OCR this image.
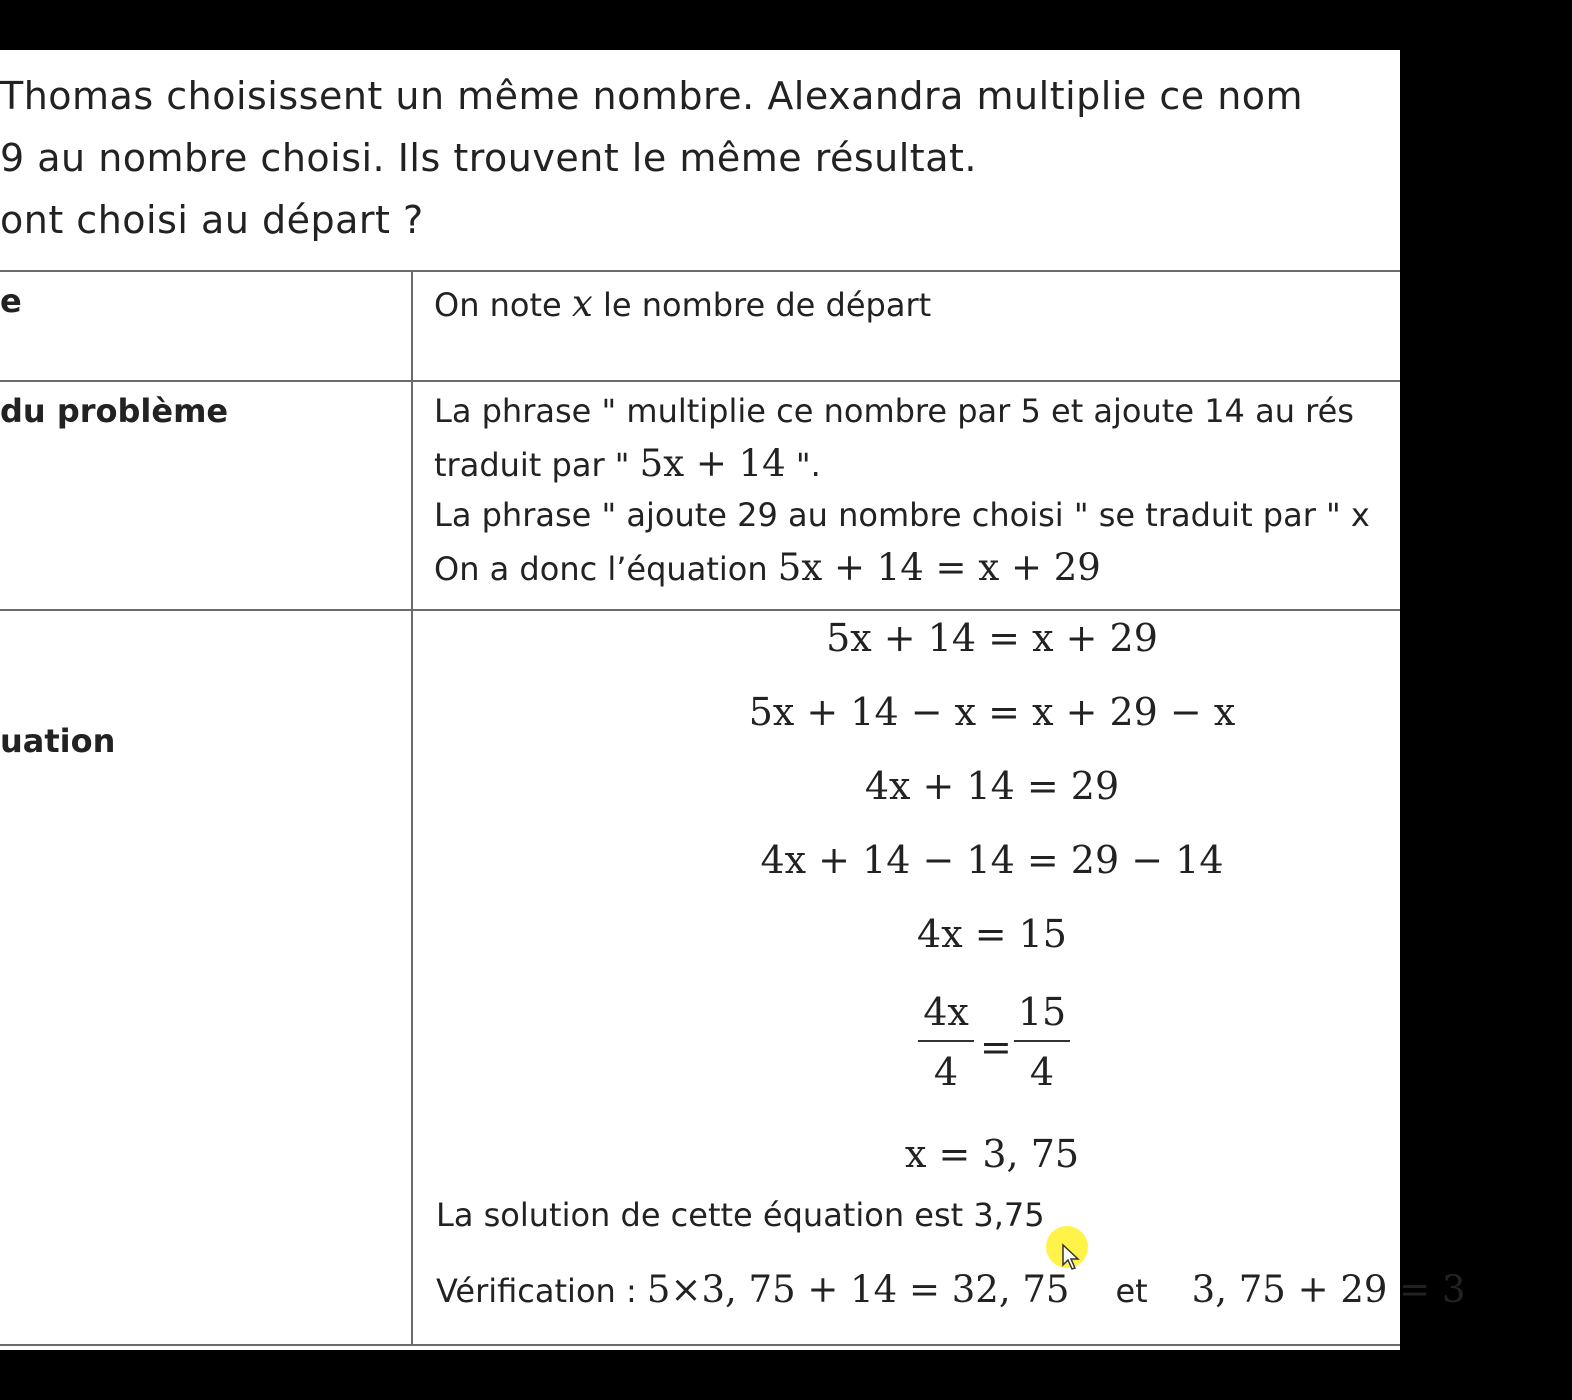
Thomas choisissent un même nombre. Alexandra multiplie ce nom
9 au nombre choisi. Ils trouvent le même résultat.
ont choisi au départ ?
e	On note x le nombre de départ
du problème	La phrase " multiplie ce nombre par 5 et ajoute 14 au rés
traduit par " 5x + 14 ".
La phrase " ajoute 29 au nombre choisi " se traduit par " x
On a donc l’équation 5x + 14 = x + 29
uation
5x + 14 = x + 29
5x + 14 − x = x + 29 − x
4x + 14 = 29
4x + 14 − 14 = 29 − 14
4x = 15
$\frac{4x}{4} = \frac{15}{4}$
x = 3, 75
La solution de cette équation est 3,75
Vérification : 5×3, 75 + 14 = 32, 75 et 3, 75 + 29 = 3
